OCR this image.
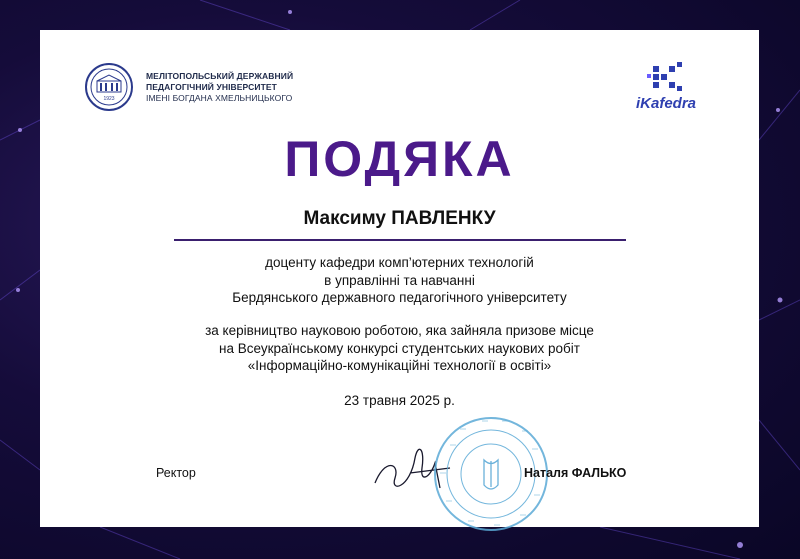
1923
МЕЛІТОПОЛЬСЬКИЙ ДЕРЖАВНИЙ
ПЕДАГОГІЧНИЙ УНІВЕРСИТЕТ
ІМЕНІ БОГДАНА ХМЕЛЬНИЦЬКОГО	iKafedra
ПОДЯКА
Максиму ПАВЛЕНКУ
доценту кафедри комп’ютерних технологій
в управлінні та навчанні
Бердянського державного педагогічного університету
за керівництво науковою роботою, яка зайняла призове місце
на Всеукраїнському конкурсі студентських наукових робіт
«Інформаційно-комунікаційні технології в освіті»
23 травня 2025 р.
Ректор	Наталя ФАЛЬКО
